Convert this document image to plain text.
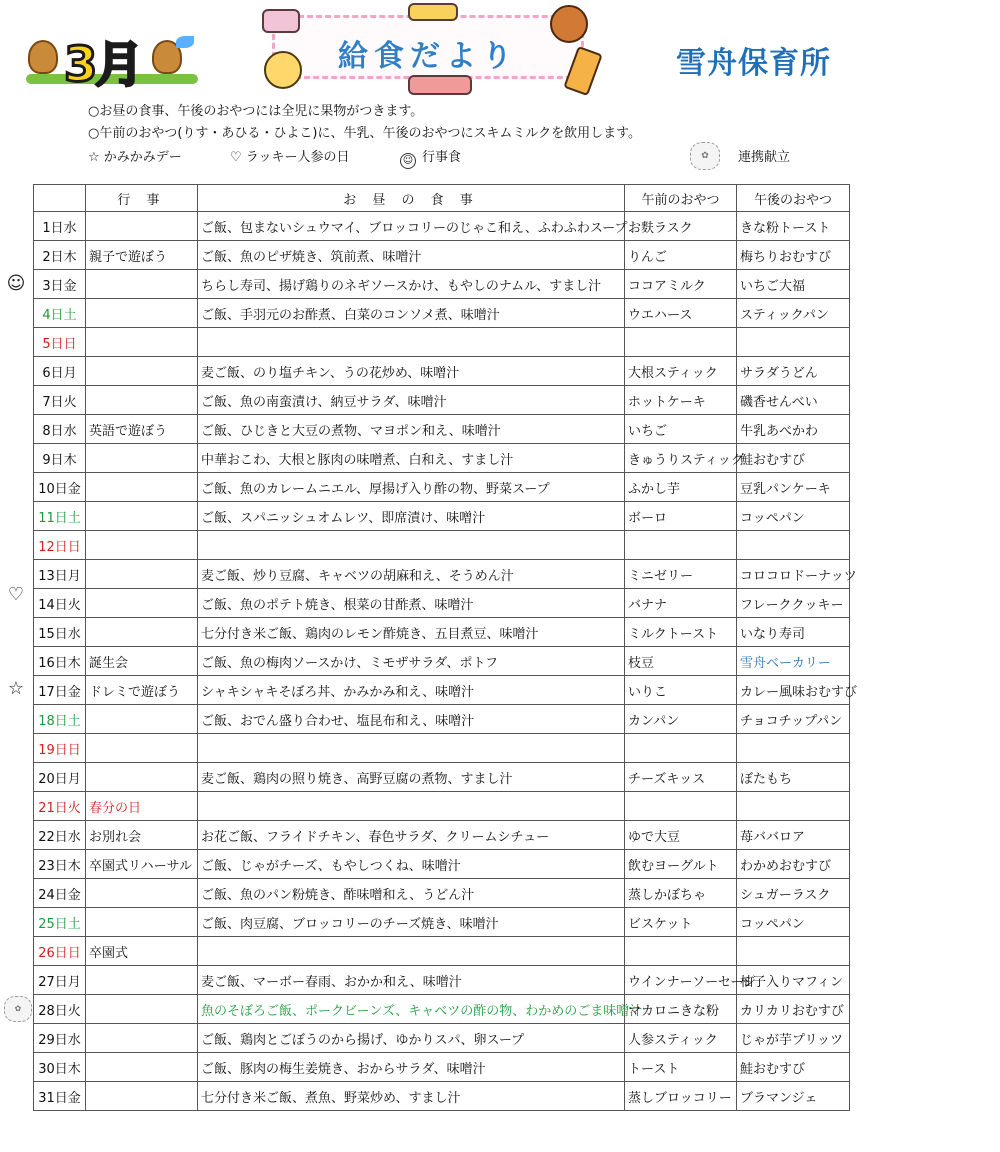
3月	給食だより	雪舟保育所
○お昼の食事、午後のおやつには全児に果物がつきます。
○午前のおやつ(りす・あひる・ひよこ)に、牛乳、午後のおやつにスキムミルクを飲用します。
☆ かみかみデー	♡ ラッキー人参の日	☺ 行事食	✿	連携献立
☺
♡
☆
✿
	行 事	お 昼 の 食 事	午前のおやつ	午後のおやつ
1日水		ご飯、包まないシュウマイ、ブロッコリーのじゃこ和え、ふわふわスープ	お麩ラスク	きな粉トースト
2日木	親子で遊ぼう	ご飯、魚のピザ焼き、筑前煮、味噌汁	りんご	梅ちりおむすび
3日金		ちらし寿司、揚げ鶏りのネギソースかけ、もやしのナムル、すまし汁	ココアミルク	いちご大福
4日土		ご飯、手羽元のお酢煮、白菜のコンソメ煮、味噌汁	ウエハース	スティックパン
5日日				
6日月		麦ご飯、のり塩チキン、うの花炒め、味噌汁	大根スティック	サラダうどん
7日火		ご飯、魚の南蛮漬け、納豆サラダ、味噌汁	ホットケーキ	磯香せんべい
8日水	英語で遊ぼう	ご飯、ひじきと大豆の煮物、マヨポン和え、味噌汁	いちご	牛乳あべかわ
9日木		中華おこわ、大根と豚肉の味噌煮、白和え、すまし汁	きゅうりスティック	鮭おむすび
10日金		ご飯、魚のカレームニエル、厚揚げ入り酢の物、野菜スープ	ふかし芋	豆乳パンケーキ
11日土		ご飯、スパニッシュオムレツ、即席漬け、味噌汁	ボーロ	コッペパン
12日日				
13日月		麦ご飯、炒り豆腐、キャベツの胡麻和え、そうめん汁	ミニゼリー	コロコロドーナッツ
14日火		ご飯、魚のポテト焼き、根菜の甘酢煮、味噌汁	バナナ	フレーククッキー
15日水		七分付き米ご飯、鶏肉のレモン酢焼き、五目煮豆、味噌汁	ミルクトースト	いなり寿司
16日木	誕生会	ご飯、魚の梅肉ソースかけ、ミモザサラダ、ポトフ	枝豆	雪舟ベーカリー
17日金	ドレミで遊ぼう	シャキシャキそぼろ丼、かみかみ和え、味噌汁	いりこ	カレー風味おむすび
18日土		ご飯、おでん盛り合わせ、塩昆布和え、味噌汁	カンパン	チョコチップパン
19日日				
20日月		麦ご飯、鶏肉の照り焼き、高野豆腐の煮物、すまし汁	チーズキッス	ぼたもち
21日火	春分の日			
22日水	お別れ会	お花ご飯、フライドチキン、春色サラダ、クリームシチュー	ゆで大豆	苺ババロア
23日木	卒園式リハーサル	ご飯、じゃがチーズ、もやしつくね、味噌汁	飲むヨーグルト	わかめおむすび
24日金		ご飯、魚のパン粉焼き、酢味噌和え、うどん汁	蒸しかぼちゃ	シュガーラスク
25日土		ご飯、肉豆腐、ブロッコリーのチーズ焼き、味噌汁	ビスケット	コッペパン
26日日	卒園式			
27日月		麦ご飯、マーボー春雨、おかか和え、味噌汁	ウインナーソーセージ	柚子入りマフィン
28日火		魚のそぼろご飯、ポークビーンズ、キャベツの酢の物、わかめのごま味噌汁	マカロニきな粉	カリカリおむすび
29日水		ご飯、鶏肉とごぼうのから揚げ、ゆかりスパ、卵スープ	人参スティック	じゃが芋プリッツ
30日木		ご飯、豚肉の梅生姜焼き、おからサラダ、味噌汁	トースト	鮭おむすび
31日金		七分付き米ご飯、煮魚、野菜炒め、すまし汁	蒸しブロッコリー	ブラマンジェ
